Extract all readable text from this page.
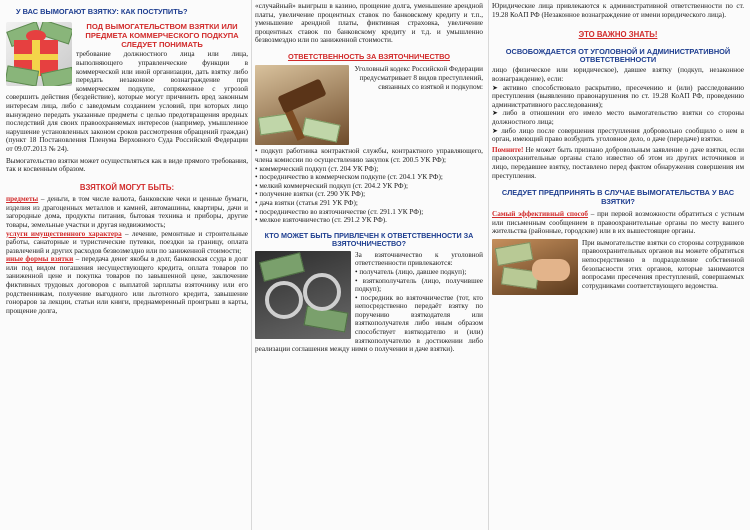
У ВАС ВЫМОГАЮТ ВЗЯТКУ: КАК ПОСТУПИТЬ?
ПОД ВЫМОГАТЕЛЬСТВОМ ВЗЯТКИ ИЛИ ПРЕДМЕТА КОММЕРЧЕСКОГО ПОДКУПА СЛЕДУЕТ ПОНИМАТЬ

требование должностного лица или лица, выполняющего управленческие функции в коммерческой или иной организации, дать взятку либо передать незаконное вознаграждение при коммерческом подкупе, сопряженное с угрозой совершить действия (бездействие), которые могут причинить вред законным интересам лица, либо с заведомым созданием условий, при которых лицо вынуждено передать указанные предметы с целью предотвращения вредных последствий для своих правоохраняемых интересов (например, умышленное нарушение установленных законом сроков рассмотрения обращений граждан) (пункт 18 Постановления Пленума Верховного Суда Российской Федерации от 09.07.2013 № 24).

Вымогательство взятки может осуществляться как в виде прямого требования, так и косвенным образом.

ВЗЯТКОЙ МОГУТ БЫТЬ:

предметы – деньги, в том числе валюта, банковские чеки и ценные бумаги, изделия из драгоценных металлов и камней, автомашины, квартиры, дачи и загородные дома, продукты питания, бытовая техника и приборы, другие товары, земельные участки и другая недвижимость;

услуги имущественного характера – лечение, ремонтные и строительные работы, санаторные и туристические путевки, поездки за границу, оплата развлечений и других расходов безвозмездно или по заниженной стоимости;

иные формы взятки – передача денег якобы в долг, банковская ссуда в долг или под видом погашения несуществующего кредита, оплата товаров по заниженной цене и покупка товаров по завышенной цене, заключение фиктивных трудовых договоров с выплатой зарплаты взяточнику или его родственникам, получение выгодного или льготного кредита, завышение гонораров за лекции, статьи или книги, преднамеренный проигрыш в карты, прощение долга,

«случайный» выигрыш в казино, прощение долга, уменьшение арендной платы, увеличение процентных ставок по банковскому кредиту и т.п., уменьшение арендной платы, фиктивная страховка, увеличение процентных ставок по банковскому кредиту и т.д. и умышленно безвозмездно или по заниженной стоимости.

ОТВЕТСТВЕННОСТЬ ЗА ВЗЯТОЧНИЧЕСТВО

Уголовный кодекс Российской Федерации предусматривает 8 видов преступлений, связанных со взяткой и подкупом:

• подкуп работника контрактной службы, контрактного управляющего, члена комиссии по осуществлению закупок (ст. 200.5 УК РФ);
• коммерческий подкуп (ст. 204 УК РФ);
• посредничество в коммерческом подкупе (ст. 204.1 УК РФ);
• мелкий коммерческий подкуп (ст. 204.2 УК РФ);
• получение взятки (ст. 290 УК РФ);
• дача взятки (статья 291 УК РФ);
• посредничество во взяточничестве (ст. 291.1 УК РФ);
• мелкое взяточничество (ст. 291.2 УК РФ).
КТО МОЖЕТ БЫТЬ ПРИВЛЕЧЕН К ОТВЕТСТВЕННОСТИ ЗА ВЗЯТОЧНИЧЕСТВО?

За взяточничество к уголовной ответственности привлекаются:

• получатель (лицо, давшее подкуп);
• взяткополучатель (лицо, получившее подкуп);
• посредник во взяточничестве (тот, кто непосредственно передаёт взятку по поручению взяткодателя или взяткополучателя либо иным образом способствует взяткодателю и (или) взяткополучателю в достижении либо реализации соглашения между ними о получении и даче взятки).

Юридические лица привлекаются к административной ответственности по ст. 19.28 КоАП РФ (Незаконное вознаграждение от имени юридического лица).

ЭТО ВАЖНО ЗНАТЬ!
ОСВОБОЖДАЕТСЯ ОТ УГОЛОВНОЙ И АДМИНИСТРАТИВНОЙ ОТВЕТСТВЕННОСТИ

лицо (физическое или юридическое), давшее взятку (подкуп, незаконное вознаграждение), если:

➤ активно способствовало раскрытию, пресечению и (или) расследованию преступления (выявлению правонарушения по ст. 19.28 КоАП РФ, проведению административного расследования);
➤ либо в отношении его имело место вымогательство взятки со стороны должностного лица;
➤ либо лицо после совершения преступления добровольно сообщило о нем в орган, имеющий право возбудить уголовное дело, о даче (передаче) взятки.

Помните! Не может быть признано добровольным заявление о даче взятки, если правоохранительные органы стало известно об этом из других источников и лицо, передавшее взятку, поставлено перед фактом обнаружения совершения им преступления.

СЛЕДУЕТ ПРЕДПРИНЯТЬ В СЛУЧАЕ ВЫМОГАТЕЛЬСТВА У ВАС ВЗЯТКИ?

Самый эффективный способ – при первой возможности обратиться с устным или письменным сообщением в правоохранительные органы по месту вашего жительства (районные, городские) или в их вышестоящие органы.

При вымогательстве взятки со стороны сотрудников правоохранительных органов вы можете обратиться непосредственно в подразделение собственной безопасности этих органов, которые занимаются вопросами пресечения преступлений, совершаемых сотрудниками соответствующего ведомства.
